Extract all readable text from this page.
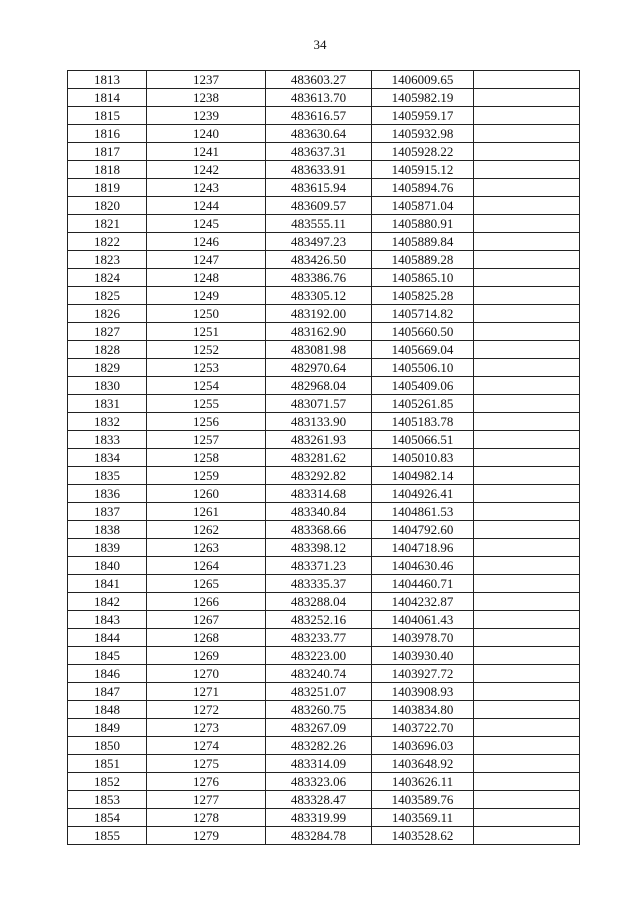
34
1813	1237	483603.27	1406009.65	
1814	1238	483613.70	1405982.19	
1815	1239	483616.57	1405959.17	
1816	1240	483630.64	1405932.98	
1817	1241	483637.31	1405928.22	
1818	1242	483633.91	1405915.12	
1819	1243	483615.94	1405894.76	
1820	1244	483609.57	1405871.04	
1821	1245	483555.11	1405880.91	
1822	1246	483497.23	1405889.84	
1823	1247	483426.50	1405889.28	
1824	1248	483386.76	1405865.10	
1825	1249	483305.12	1405825.28	
1826	1250	483192.00	1405714.82	
1827	1251	483162.90	1405660.50	
1828	1252	483081.98	1405669.04	
1829	1253	482970.64	1405506.10	
1830	1254	482968.04	1405409.06	
1831	1255	483071.57	1405261.85	
1832	1256	483133.90	1405183.78	
1833	1257	483261.93	1405066.51	
1834	1258	483281.62	1405010.83	
1835	1259	483292.82	1404982.14	
1836	1260	483314.68	1404926.41	
1837	1261	483340.84	1404861.53	
1838	1262	483368.66	1404792.60	
1839	1263	483398.12	1404718.96	
1840	1264	483371.23	1404630.46	
1841	1265	483335.37	1404460.71	
1842	1266	483288.04	1404232.87	
1843	1267	483252.16	1404061.43	
1844	1268	483233.77	1403978.70	
1845	1269	483223.00	1403930.40	
1846	1270	483240.74	1403927.72	
1847	1271	483251.07	1403908.93	
1848	1272	483260.75	1403834.80	
1849	1273	483267.09	1403722.70	
1850	1274	483282.26	1403696.03	
1851	1275	483314.09	1403648.92	
1852	1276	483323.06	1403626.11	
1853	1277	483328.47	1403589.76	
1854	1278	483319.99	1403569.11	
1855	1279	483284.78	1403528.62	
